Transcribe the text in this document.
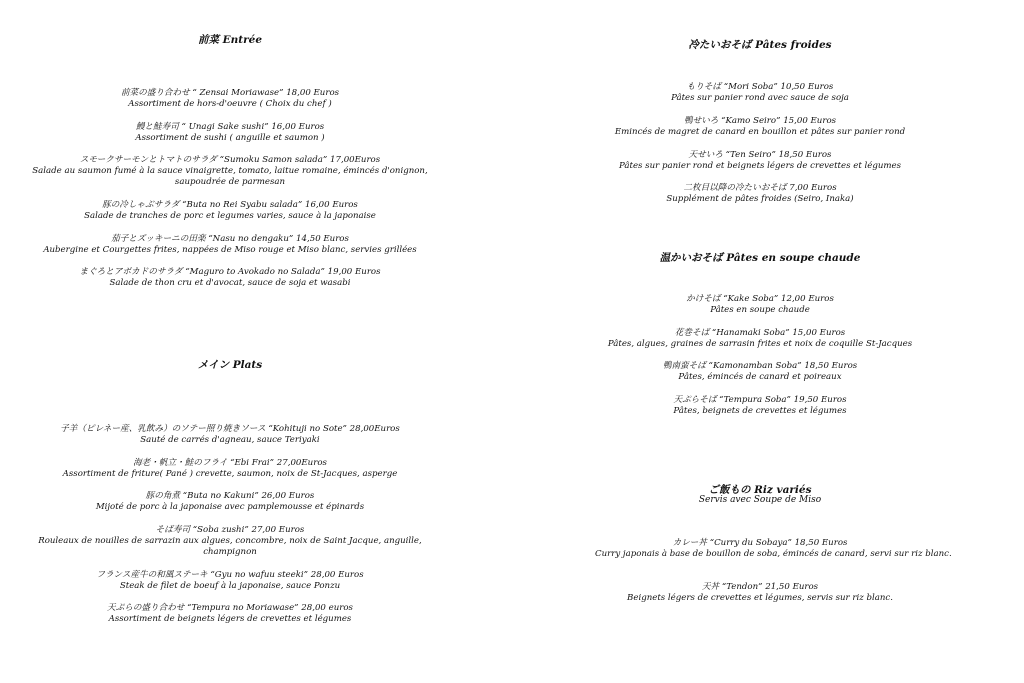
前菜 Entrée
前菜の盛り合わせ “ Zensai Moriawase” 18,00 Euros
Assortiment de hors-d'oeuvre ( Choix du chef )
鰻と鮭寿司 “ Unagi Sake sushi” 16,00 Euros
Assortiment de sushi ( anguille et saumon )
スモークサーモンとトマトのサラダ “Sumoku Samon salada” 17,00Euros
Salade au saumon fumé à la sauce vinaigrette, tomato, laitue romaine, émincés d'onignon, saupoudrée de parmesan
豚の冷しゃぶサラダ “Buta no Rei Syabu salada” 16,00 Euros
Salade de tranches de porc et legumes varies, sauce à la japonaise
茄子とズッキーニの田楽 “Nasu no dengaku” 14,50 Euros
Aubergine et Courgettes frites, nappées de Miso rouge et Miso blanc, servies grillées
まぐろとアボカドのサラダ “Maguro to Avokado no Salada” 19,00 Euros
Salade de thon cru et d'avocat, sauce de soja et wasabi
メイン Plats
子羊（ピレネー産、乳飲み）のソテー照り焼きソース “Kohituji no Sote” 28,00Euros
Sauté de carrés d'agneau, sauce Teriyaki
海老・帆立・鮭のフライ “Ebi Frai” 27,00Euros
Assortiment de friture( Pané ) crevette, saumon, noix de St-Jacques, asperge
豚の角煮 “Buta no Kakuni” 26,00 Euros
Mijoté de porc à la japonaise avec pamplemousse et épinards
そば寿司 “Soba zushi” 27,00 Euros
Rouleaux de nouilles de sarrazin aux algues, concombre, noix de Saint Jacque, anguille, champignon
フランス産牛の和風ステーキ “Gyu no wafuu steeki” 28,00 Euros
Steak de filet de boeuf à la japonaise, sauce Ponzu
天ぷらの盛り合わせ “Tempura no Moriawase” 28,00 euros
Assortiment de beignets légers de crevettes et légumes
冷たいおそば Pâtes froides
もりそば “Mori Soba” 10,50 Euros
Pâtes sur panier rond avec sauce de soja
鴨せいろ “Kamo Seiro” 15,00 Euros
Emincés de magret de canard en bouillon et pâtes sur panier rond
天せいろ “Ten Seiro” 18,50 Euros
Pâtes sur panier rond et beignets légers de crevettes et légumes
二枚目以降の冷たいおそば 7,00 Euros
Supplément de pâtes froides (Seiro, Inaka)
温かいおそば Pâtes en soupe chaude
かけそば “Kake Soba” 12,00 Euros
Pâtes en soupe chaude
花巻そば “Hanamaki Soba” 15,00 Euros
Pâtes, algues, graines de sarrasin frites et noix de coquille St-Jacques
鴨南蛮そば “Kamonamban Soba” 18,50 Euros
Pâtes, émincés de canard et poireaux
天ぷらそば “Tempura Soba” 19,50 Euros
Pâtes, beignets de crevettes et légumes
ご飯もの Riz variés
Servis avec Soupe de Miso
カレー丼 “Curry du Sobaya” 18,50 Euros
Curry japonais à base de bouillon de soba, émincés de canard, servi sur riz blanc.
天丼 “Tendon” 21,50 Euros
Beignets légers de crevettes et légumes, servis sur riz blanc.
